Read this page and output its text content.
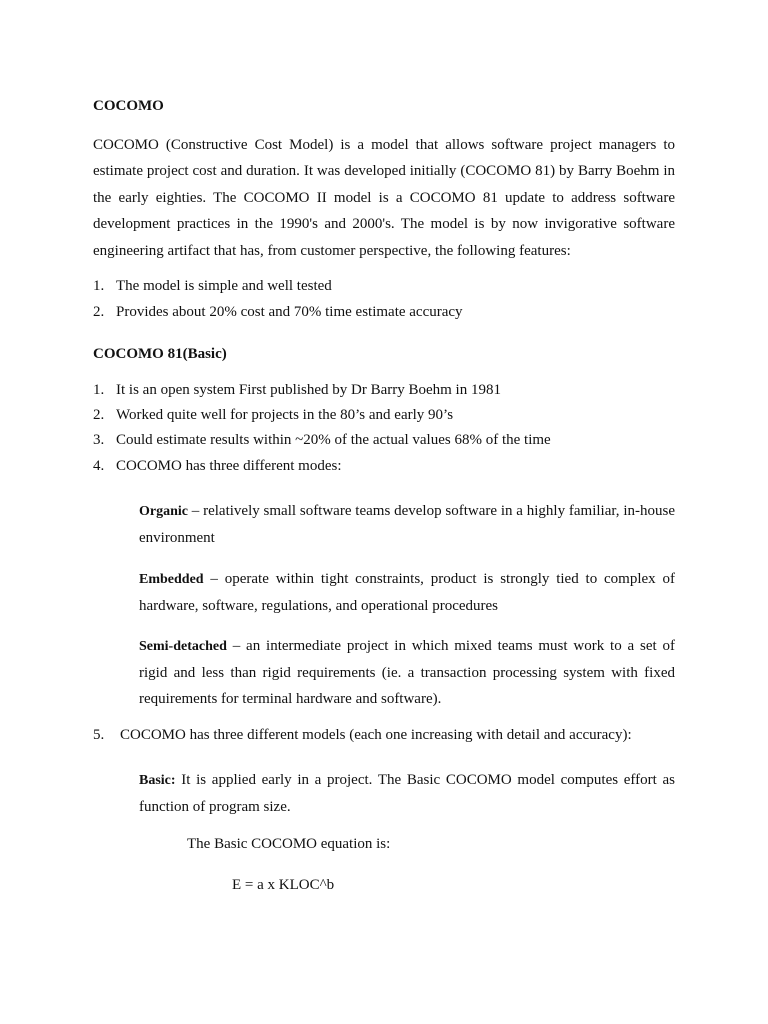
COCOMO

COCOMO (Constructive Cost Model) is a model that allows software project managers to estimate project cost and duration. It was developed initially (COCOMO 81) by Barry Boehm in the early eighties. The COCOMO II model is a COCOMO 81 update to address software development practices in the 1990's and 2000's. The model is by now invigorative software engineering artifact that has, from customer perspective, the following features:

1. The model is simple and well tested
2. Provides about 20% cost and 70% time estimate accuracy

COCOMO 81(Basic)

1. It is an open system First published by Dr Barry Boehm in 1981
2. Worked quite well for projects in the 80’s and early 90’s
3. Could estimate results within ~20% of the actual values 68% of the time
4. COCOMO has three different modes:

Organic – relatively small software teams develop software in a highly familiar, in-house environment

Embedded – operate within tight constraints, product is strongly tied to complex of hardware, software, regulations, and operational procedures

Semi-detached – an intermediate project in which mixed teams must work to a set of rigid and less than rigid requirements (ie. a transaction processing system with fixed requirements for terminal hardware and software).

5. COCOMO has three different models (each one increasing with detail and accuracy):

Basic: It is applied early in a project. The Basic COCOMO model computes effort as function of program size.

The Basic COCOMO equation is:

E = a x KLOC^b
